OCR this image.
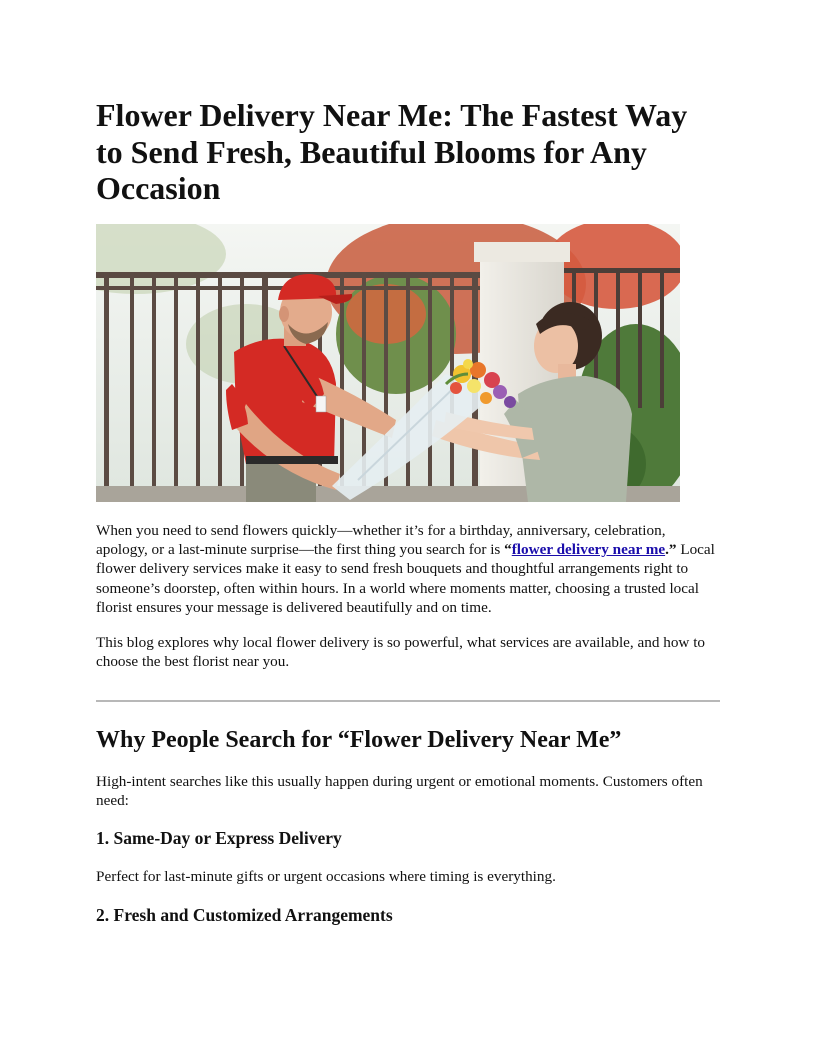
Flower Delivery Near Me: The Fastest Way to Send Fresh, Beautiful Blooms for Any Occasion

When you need to send flowers quickly—whether it’s for a birthday, anniversary, celebration, apology, or a last-minute surprise—the first thing you search for is “flower delivery near me.” Local flower delivery services make it easy to send fresh bouquets and thoughtful arrangements right to someone’s doorstep, often within hours. In a world where moments matter, choosing a trusted local florist ensures your message is delivered beautifully and on time.

This blog explores why local flower delivery is so powerful, what services are available, and how to choose the best florist near you.

Why People Search for “Flower Delivery Near Me”

High-intent searches like this usually happen during urgent or emotional moments. Customers often need:

1. Same-Day or Express Delivery

Perfect for last-minute gifts or urgent occasions where timing is everything.

2. Fresh and Customized Arrangements
